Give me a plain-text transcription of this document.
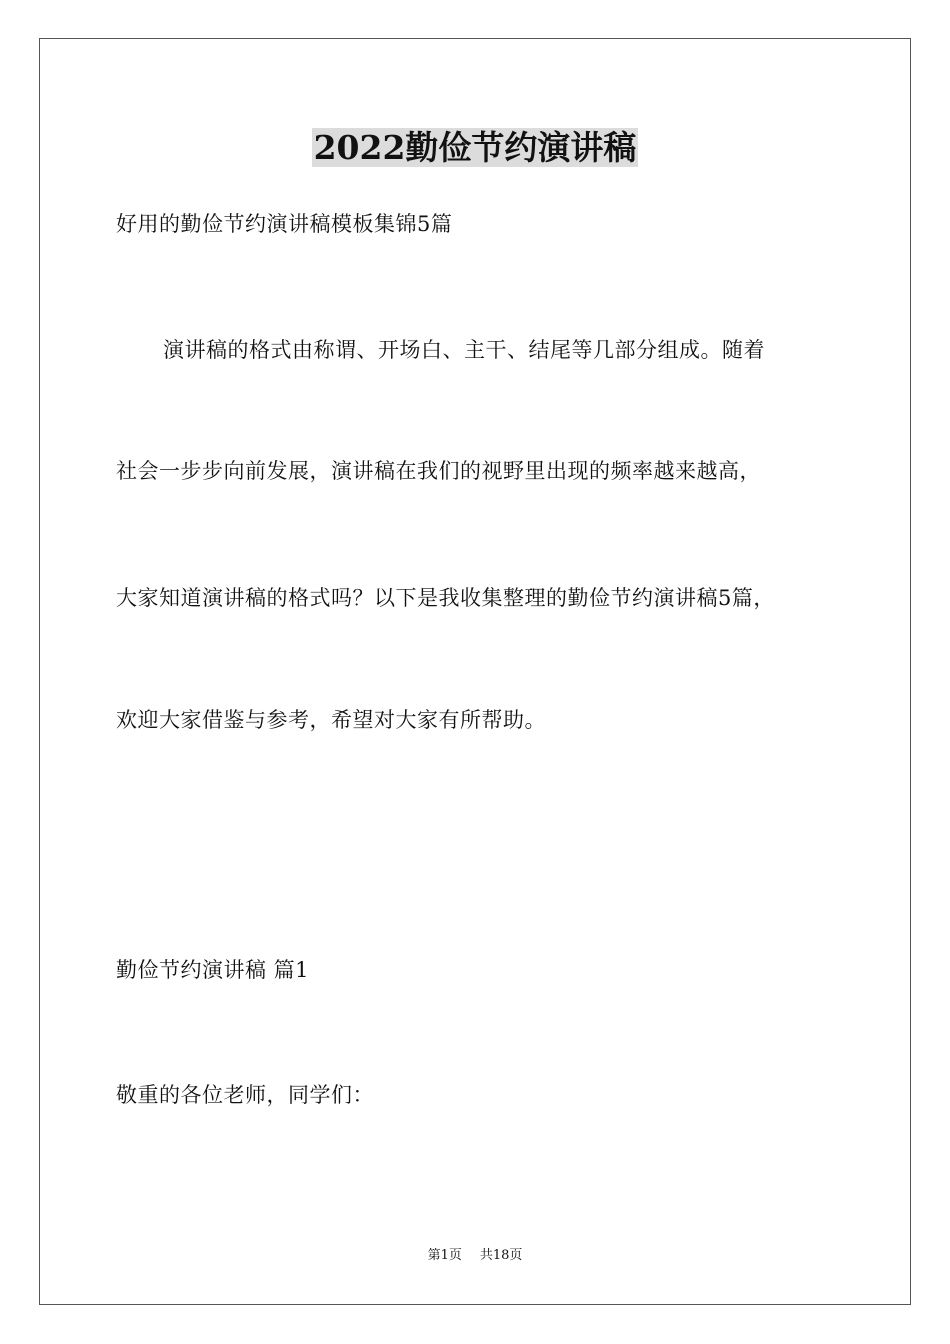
2022勤俭节约演讲稿
好用的勤俭节约演讲稿模板集锦5篇
演讲稿的格式由称谓、开场白、主干、结尾等几部分组成。随着
社会一步步向前发展，演讲稿在我们的视野里出现的频率越来越高，
大家知道演讲稿的格式吗？以下是我收集整理的勤俭节约演讲稿5篇，
欢迎大家借鉴与参考，希望对大家有所帮助。
勤俭节约演讲稿 篇1
敬重的各位老师，同学们：
第1页 共18页
